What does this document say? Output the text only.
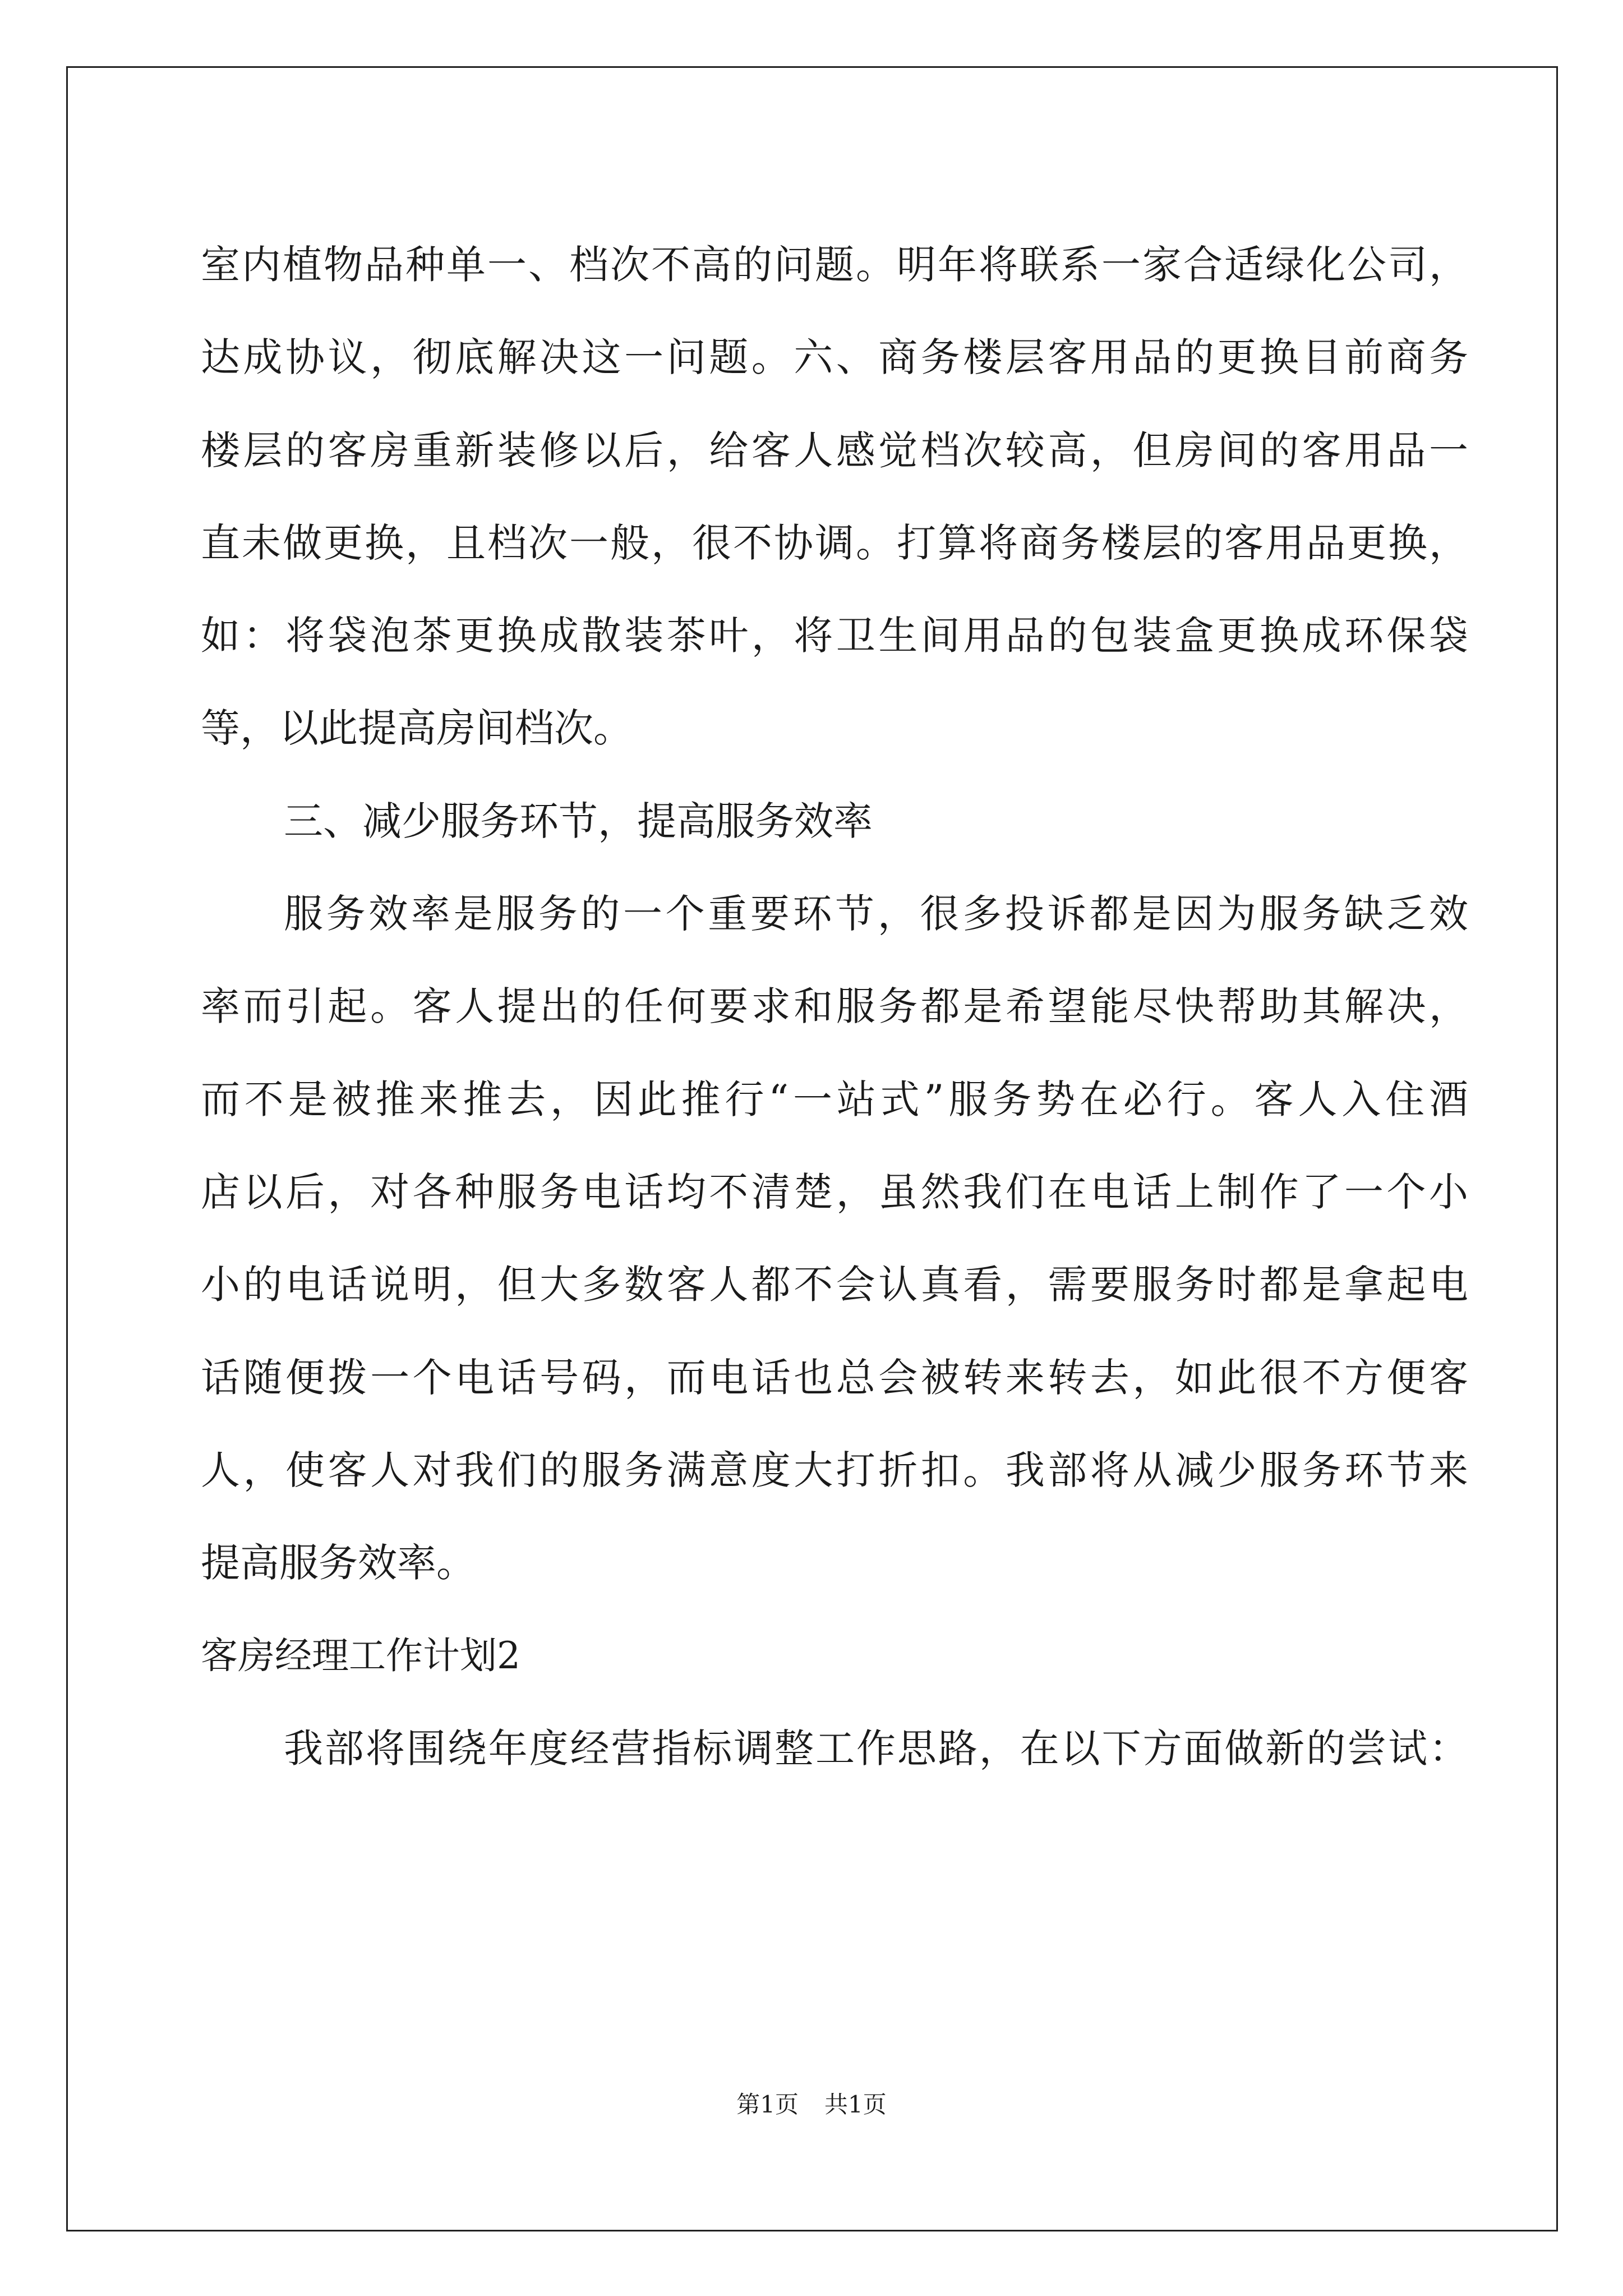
室内植物品种单一、档次不高的问题。明年将联系一家合适绿化公司，
达成协议，彻底解决这一问题。六、商务楼层客用品的更换目前商务
楼层的客房重新装修以后，给客人感觉档次较高，但房间的客用品一
直未做更换，且档次一般，很不协调。打算将商务楼层的客用品更换，
如：将袋泡茶更换成散装茶叶，将卫生间用品的包装盒更换成环保袋
等，以此提高房间档次。
三、减少服务环节，提高服务效率
服务效率是服务的一个重要环节，很多投诉都是因为服务缺乏效
率而引起。客人提出的任何要求和服务都是希望能尽快帮助其解决，
而不是被推来推去，因此推行“一站式”服务势在必行。客人入住酒
店以后，对各种服务电话均不清楚，虽然我们在电话上制作了一个小
小的电话说明，但大多数客人都不会认真看，需要服务时都是拿起电
话随便拨一个电话号码，而电话也总会被转来转去，如此很不方便客
人，使客人对我们的服务满意度大打折扣。我部将从减少服务环节来
提高服务效率。
客房经理工作计划2
我部将围绕年度经营指标调整工作思路，在以下方面做新的尝试：
第1页 共1页
